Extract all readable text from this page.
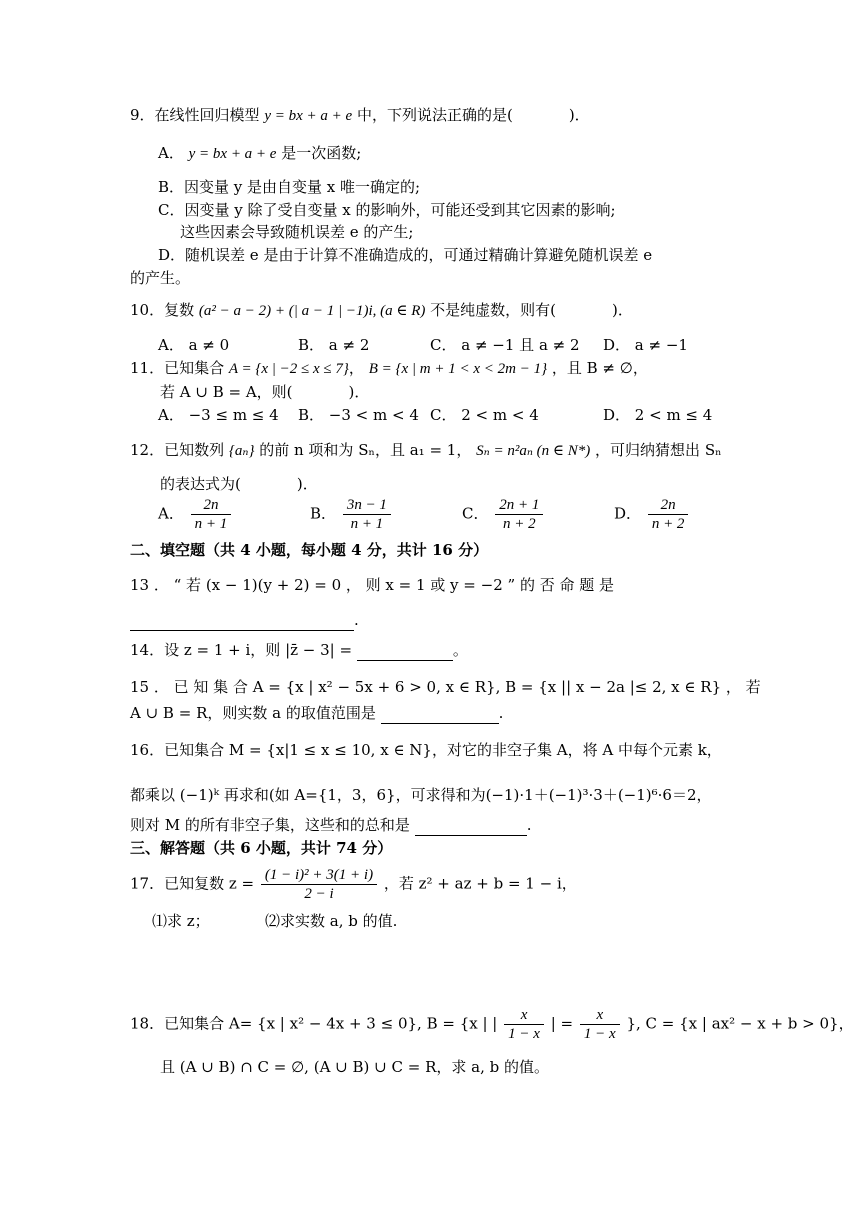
9．在线性回归模型 y = bx + a + e 中，下列说法正确的是(	)．
A． y = bx + a + e 是一次函数;
B．因变量 y 是由自变量 x 唯一确定的;
C．因变量 y 除了受自变量 x 的影响外，可能还受到其它因素的影响;
这些因素会导致随机误差 e 的产生;
D．随机误差 e 是由于计算不准确造成的，可通过精确计算避免随机误差 e
的产生。
10．复数 (a² − a − 2) + (| a − 1 | −1)i, (a ∈ R) 不是纯虚数，则有(	)．
A． a ≠ 0	B． a ≠ 2	C． a ≠ −1 且 a ≠ 2 D． a ≠ −1
11．已知集合 A = {x | −2 ≤ x ≤ 7}， B = {x | m + 1 < x < 2m − 1} ，且 B ≠ ∅，
若 A ∪ B = A，则(	)．
A． −3 ≤ m ≤ 4 B． −3 < m < 4 C． 2 < m < 4	D． 2 < m ≤ 4
12．已知数列 {aₙ} 的前 n 项和为 Sₙ，且 a₁ = 1， Sₙ = n²aₙ (n ∈ N*) ，可归纳猜想出 Sₙ
的表达式为(	)．
A． $\frac{2n}{n + 1}$	B． $\frac{3n - 1}{n + 1}$	C． $\frac{2n + 1}{n + 2}$	D． $\frac{2n}{n + 2}$
二、填空题（共 4 小题，每小题 4 分，共计 16 分）
13 ． “ 若 (x − 1)(y + 2) = 0 ， 则 x = 1 或 y = −2 ” 的 否 命 题 是
.
14．设 z = 1 + i，则 |z̄ − 3| =	。
15 ． 已 知 集 合 A = {x | x² − 5x + 6 > 0, x ∈ R}, B = {x || x − 2a |≤ 2, x ∈ R} ， 若
A ∪ B = R，则实数 a 的取值范围是	.
16．已知集合 M = {x|1 ≤ x ≤ 10, x ∈ N}，对它的非空子集 A，将 A 中每个元素 k，
都乘以 (−1)ᵏ 再求和(如 A={1，3，6}，可求得和为(−1)·1＋(−1)³·3＋(−1)⁶·6＝2，
则对 M 的所有非空子集，这些和的总和是	.
三、解答题（共 6 小题，共计 74 分）
17．已知复数 $z = \frac{\text{(1 − i)² + 3(1 + i)}}{2 - i}$ ，若 z² + az + b = 1 − i，
⑴求 z；	⑵求实数 a, b 的值.
18．已知集合 A= {x | x² − 4x + 3 ≤ 0}, B = {x | | $\frac{x}{1 - x}$ | = $\frac{x}{1 - x}$ }, C = {x | ax² − x + b > 0}，
且 (A ∪ B) ∩ C = ∅, (A ∪ B) ∪ C = R，求 a, b 的值。
